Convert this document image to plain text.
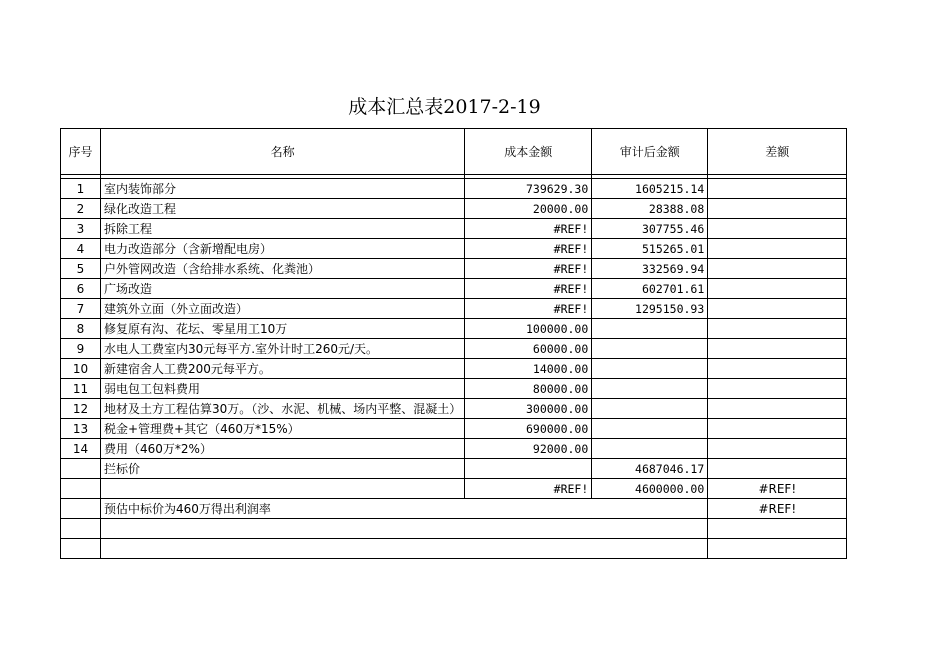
成本汇总表2017-2-19
序号	名称	成本金额	审计后金额	差额

1	室内装饰部分	739629.30	1605215.14	
2	绿化改造工程	20000.00	28388.08	
3	拆除工程	#REF!	307755.46	
4	电力改造部分（含新增配电房）	#REF!	515265.01	
5	户外管网改造（含给排水系统、化粪池）	#REF!	332569.94	
6	广场改造	#REF!	602701.61	
7	建筑外立面（外立面改造）	#REF!	1295150.93	
8	修复原有沟、花坛、零星用工10万	100000.00		
9	水电人工费室内30元每平方.室外计时工260元/天。	60000.00		
10	新建宿舍人工费200元每平方。	14000.00		
11	弱电包工包料费用	80000.00		
12	地材及土方工程估算30万。（沙、水泥、机械、场内平整、混凝土）	300000.00		
13	税金+管理费+其它（460万*15%）	690000.00		
14	费用（460万*2%）	92000.00		
	拦标价		4687046.17	
		#REF!	4600000.00	#REF!
	预估中标价为460万得出利润率			#REF!
